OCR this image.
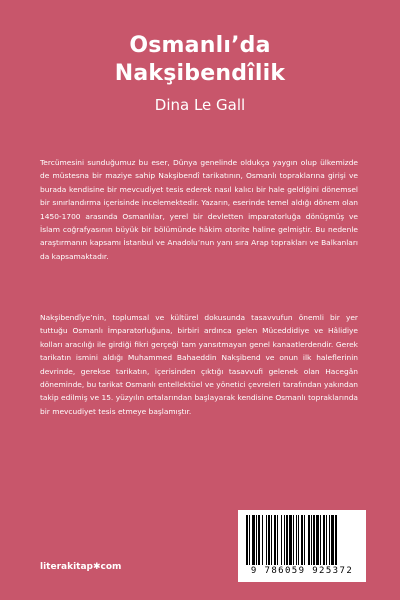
Osmanlı’da
Nakşibendîlik
Dina Le Gall
Tercümesini sunduğumuz bu eser, Dünya genelinde oldukça yaygın olup ülkemizde de müstesna bir maziye sahip Nakşibendî tarikatının, Osmanlı topraklarına girişi ve burada kendisine bir mevcudiyet tesis ederek nasıl kalıcı bir hale geldiğini dönemsel bir sınırlandırma içerisinde incelemektedir. Yazarın, eserinde temel aldığı dönem olan 1450-1700 arasında Osmanlılar, yerel bir devletten imparatorluğa dönüşmüş ve İslam coğrafyasının büyük bir bölümünde hâkim otorite haline gelmiştir. Bu nedenle araştırmanın kapsamı İstanbul ve Anadolu’nun yanı sıra Arap toprakları ve Balkanları da kapsamaktadır.
Nakşibendîye’nin, toplumsal ve kültürel dokusunda tasavvufun önemli bir yer tuttuğu Osmanlı İmparatorluğuna, birbiri ardınca gelen Müceddidiye ve Hâlidiye kolları aracılığı ile girdiği fikri gerçeği tam yansıtmayan genel kanaatlerdendir. Gerek tarikatın ismini aldığı Muhammed Bahaeddin Nakşibend ve onun ilk haleflerinin devrinde, gerekse tarikatın, içerisinden çıktığı tasavvufi gelenek olan Hacegân döneminde, bu tarikat Osmanlı entellektüel ve yönetici çevreleri tarafından yakından takip edilmiş ve 15. yüzyılın ortalarından başlayarak kendisine Osmanlı topraklarında bir mevcudiyet tesis etmeye başlamıştır.
literakitap✱com	9 786059 925372
